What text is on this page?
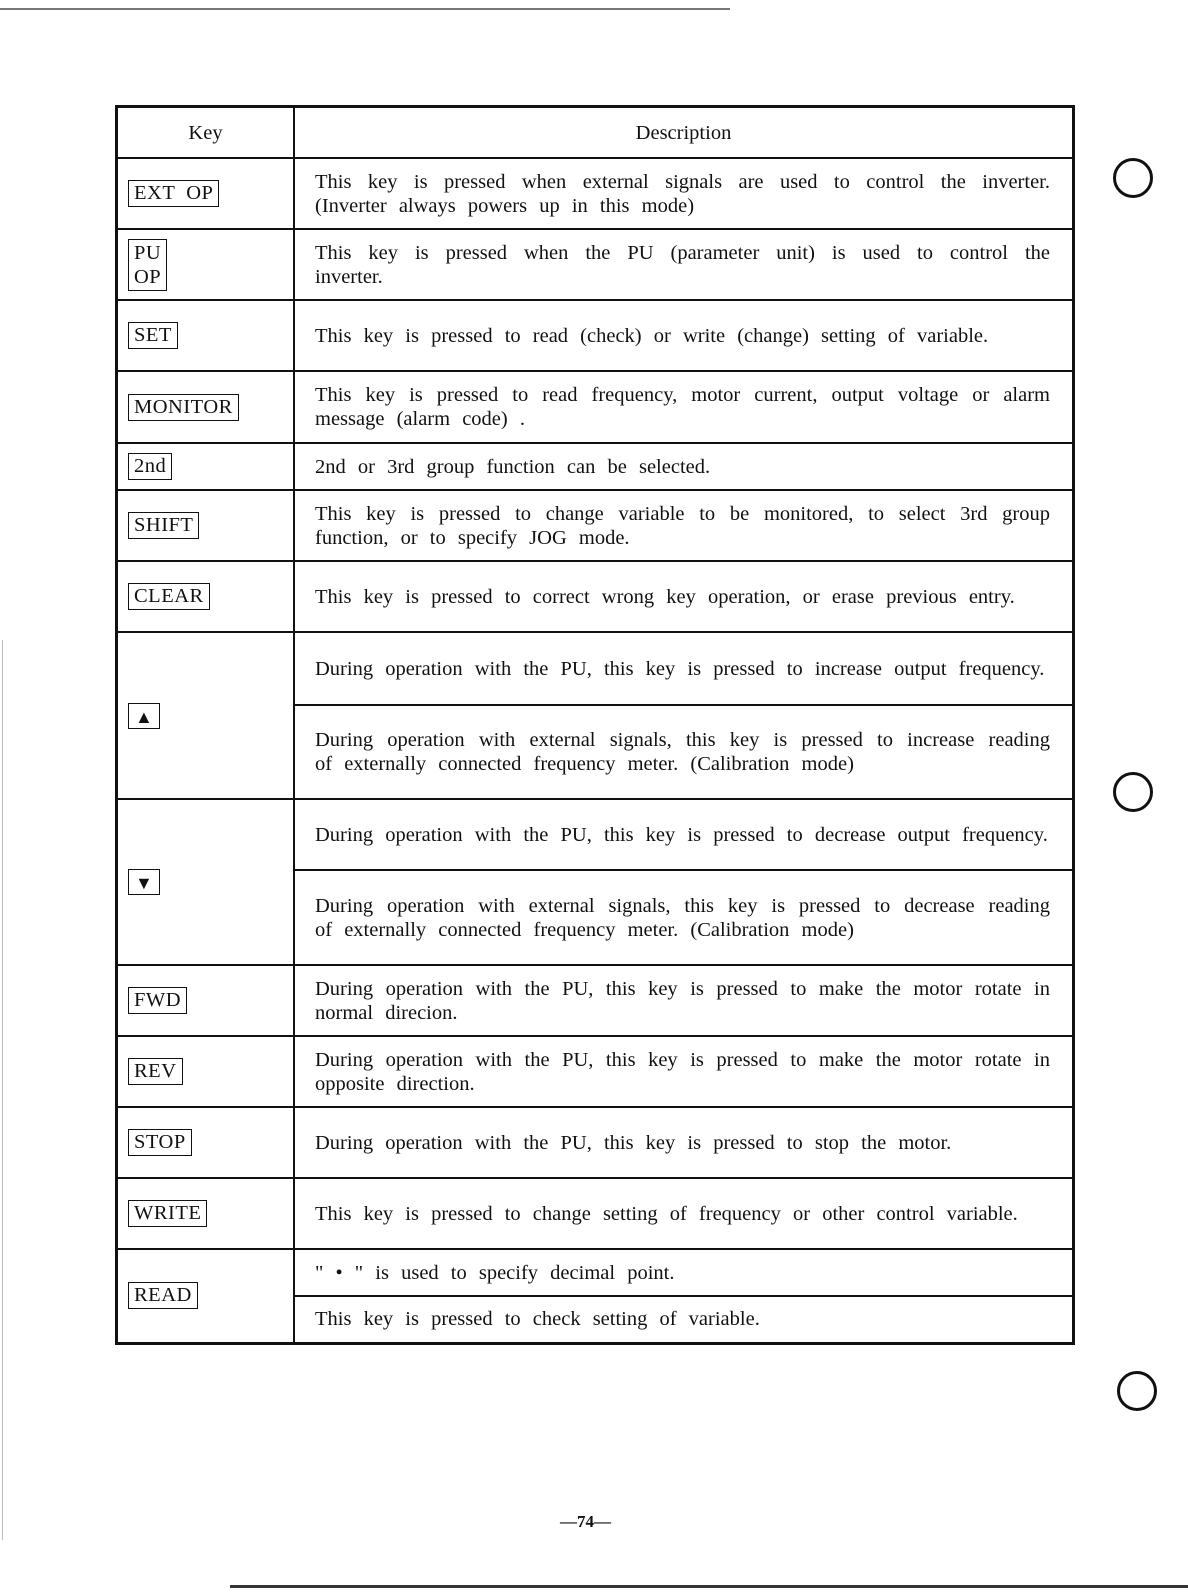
Key	Description
EXT  OP	This key is pressed when external signals are used to control the inverter. (Inverter always powers up in this mode)
PU
OP	This key is pressed when the PU (parameter unit) is used to control the inverter.
SET	This key is pressed to read (check) or write (change) setting of variable.
MONITOR	This key is pressed to read frequency, motor current, output voltage or alarm message (alarm code) .
2nd	2nd or 3rd group function can be selected.
SHIFT	This key is pressed to change variable to be monitored, to select 3rd group function, or to specify JOG mode.
CLEAR	This key is pressed to correct wrong key operation, or erase previous entry.
▲	During operation with the PU, this key is pressed to increase output frequency.
	During operation with external signals, this key is pressed to increase reading of externally connected frequency meter. (Calibration mode)
▼	During operation with the PU, this key is pressed to decrease output frequency.
	During operation with external signals, this key is pressed to decrease reading of externally connected frequency meter. (Calibration mode)
FWD	During operation with the PU, this key is pressed to make the motor rotate in normal direcion.
REV	During operation with the PU, this key is pressed to make the motor rotate in opposite direction.
STOP	During operation with the PU, this key is pressed to stop the motor.
WRITE	This key is pressed to change setting of frequency or other control variable.
READ	" • " is used to specify decimal point.
	This key is pressed to check setting of variable.
—74—
